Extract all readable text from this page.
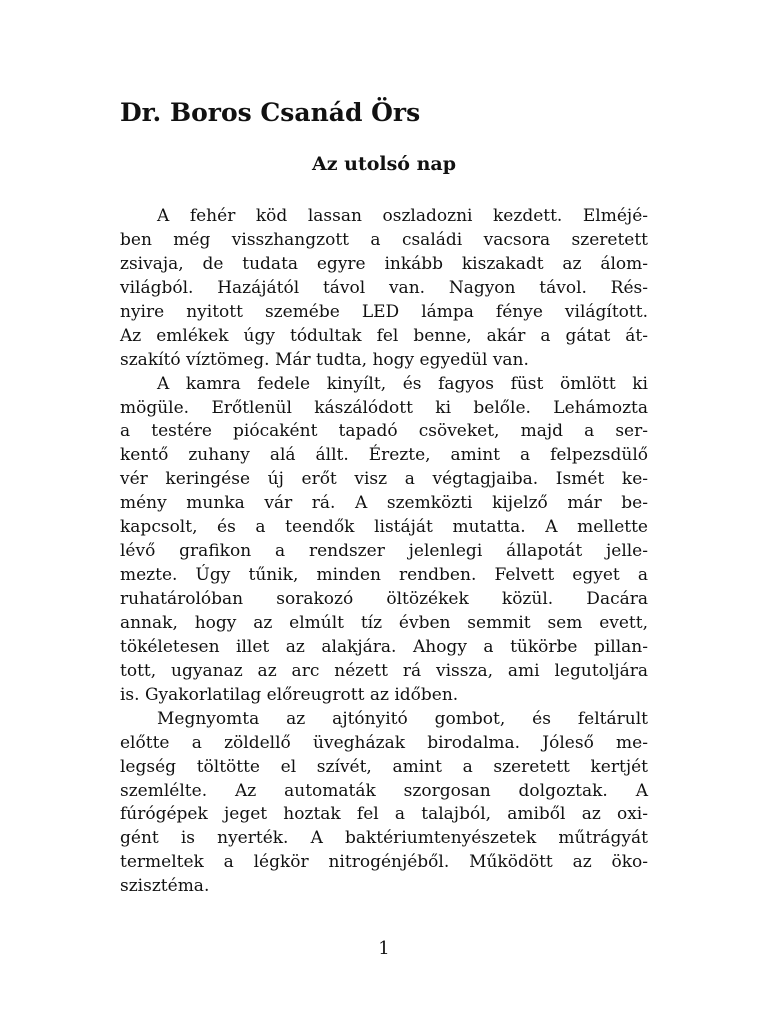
Dr. Boros Csanád Örs
Az utolsó nap
A fehér köd lassan oszladozni kezdett. Elméjé-
ben még visszhangzott a családi vacsora szeretett
zsivaja, de tudata egyre inkább kiszakadt az álom-
világból. Hazájától távol van. Nagyon távol. Rés-
nyire nyitott szemébe LED lámpa fénye világított.
Az emlékek úgy tódultak fel benne, akár a gátat át-
szakító víztömeg. Már tudta, hogy egyedül van.
A kamra fedele kinyílt, és fagyos füst ömlött ki
mögüle. Erőtlenül kászálódott ki belőle. Lehámozta
a testére piócaként tapadó csöveket, majd a ser-
kentő zuhany alá állt. Érezte, amint a felpezsdülő
vér keringése új erőt visz a végtagjaiba. Ismét ke-
mény munka vár rá. A szemközti kijelző már be-
kapcsolt, és a teendők listáját mutatta. A mellette
lévő grafikon a rendszer jelenlegi állapotát jelle-
mezte. Úgy tűnik, minden rendben. Felvett egyet a
ruhatárolóban sorakozó öltözékek közül. Dacára
annak, hogy az elmúlt tíz évben semmit sem evett,
tökéletesen illet az alakjára. Ahogy a tükörbe pillan-
tott, ugyanaz az arc nézett rá vissza, ami legutoljára
is. Gyakorlatilag előreugrott az időben.
Megnyomta az ajtónyitó gombot, és feltárult
előtte a zöldellő üvegházak birodalma. Jóleső me-
legség töltötte el szívét, amint a szeretett kertjét
szemlélte. Az automaták szorgosan dolgoztak. A
fúrógépek jeget hoztak fel a talajból, amiből az oxi-
gént is nyerték. A baktériumtenyészetek műtrágyát
termeltek a légkör nitrogénjéből. Működött az öko-
szisztéma.
1
